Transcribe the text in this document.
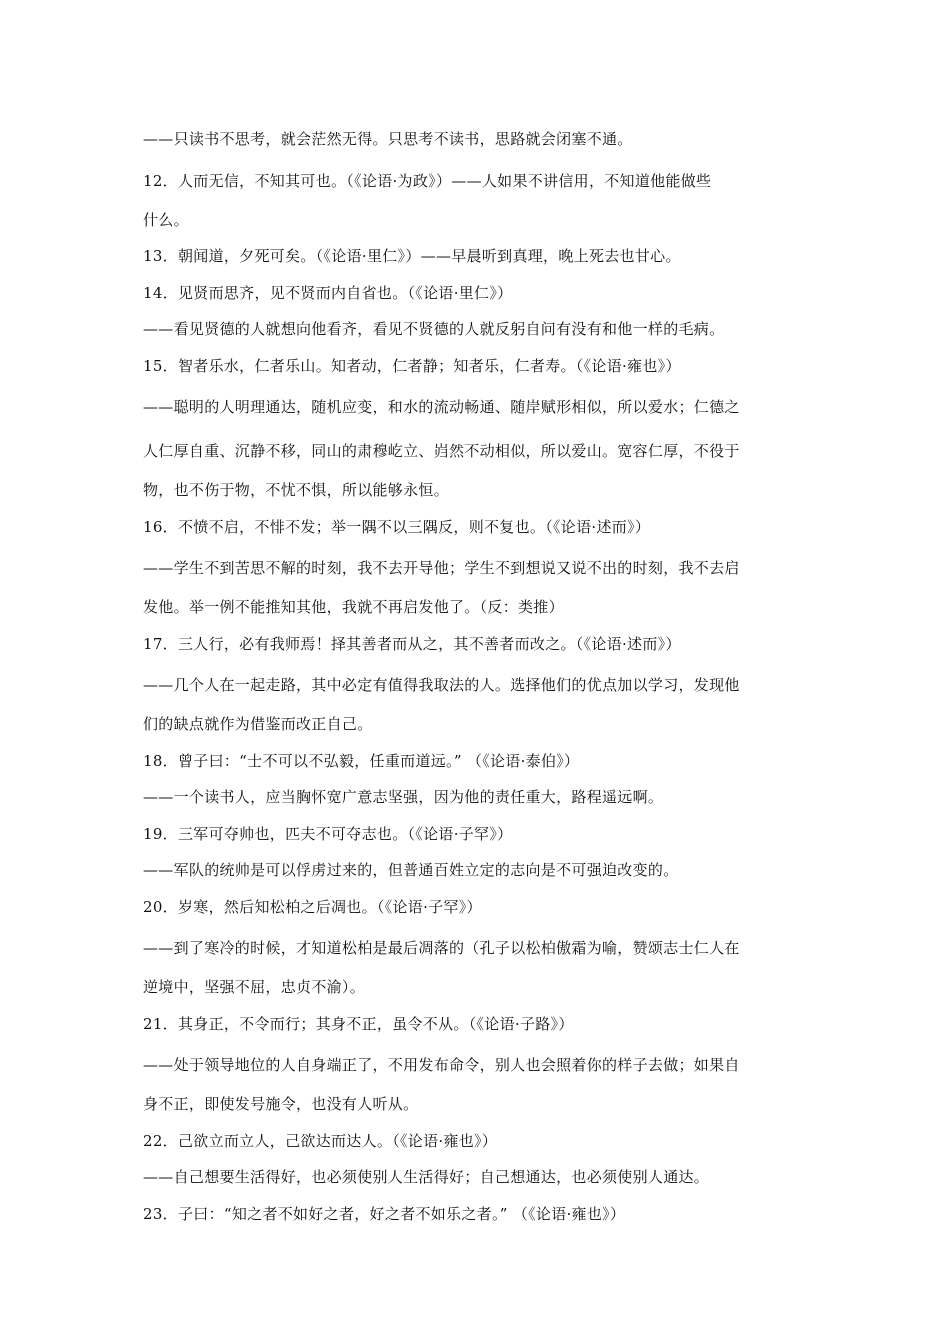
——只读书不思考，就会茫然无得。只思考不读书，思路就会闭塞不通。
12．人而无信，不知其可也。（《论语·为政》）——人如果不讲信用，不知道他能做些
什么。
13．朝闻道，夕死可矣。（《论语·里仁》）——早晨听到真理，晚上死去也甘心。
14．见贤而思齐，见不贤而内自省也。（《论语·里仁》）
——看见贤德的人就想向他看齐，看见不贤德的人就反躬自问有没有和他一样的毛病。
15．智者乐水，仁者乐山。知者动，仁者静；知者乐，仁者寿。（《论语·雍也》）
——聪明的人明理通达，随机应变，和水的流动畅通、随岸赋形相似，所以爱水；仁德之
人仁厚自重、沉静不移，同山的肃穆屹立、岿然不动相似，所以爱山。宽容仁厚，不役于
物，也不伤于物，不忧不惧，所以能够永恒。
16．不愤不启，不悱不发；举一隅不以三隅反，则不复也。（《论语·述而》）
——学生不到苦思不解的时刻，我不去开导他；学生不到想说又说不出的时刻，我不去启
发他。举一例不能推知其他，我就不再启发他了。（反：类推）
17．三人行，必有我师焉！择其善者而从之，其不善者而改之。（《论语·述而》）
——几个人在一起走路，其中必定有值得我取法的人。选择他们的优点加以学习，发现他
们的缺点就作为借鉴而改正自己。
18．曾子曰：“士不可以不弘毅，任重而道远。” （《论语·泰伯》）
——一个读书人，应当胸怀宽广意志坚强，因为他的责任重大，路程遥远啊。
19．三军可夺帅也，匹夫不可夺志也。（《论语·子罕》）
——军队的统帅是可以俘虏过来的，但普通百姓立定的志向是不可强迫改变的。
20．岁寒，然后知松柏之后凋也。（《论语·子罕》）
——到了寒冷的时候，才知道松柏是最后凋落的（孔子以松柏傲霜为喻，赞颂志士仁人在
逆境中，坚强不屈，忠贞不渝）。
21．其身正，不令而行；其身不正，虽令不从。（《论语·子路》）
——处于领导地位的人自身端正了，不用发布命令，别人也会照着你的样子去做；如果自
身不正，即使发号施令，也没有人听从。
22．己欲立而立人，己欲达而达人。（《论语·雍也》）
——自己想要生活得好，也必须使别人生活得好；自己想通达，也必须使别人通达。
23．子曰：“知之者不如好之者，好之者不如乐之者。” （《论语·雍也》）
